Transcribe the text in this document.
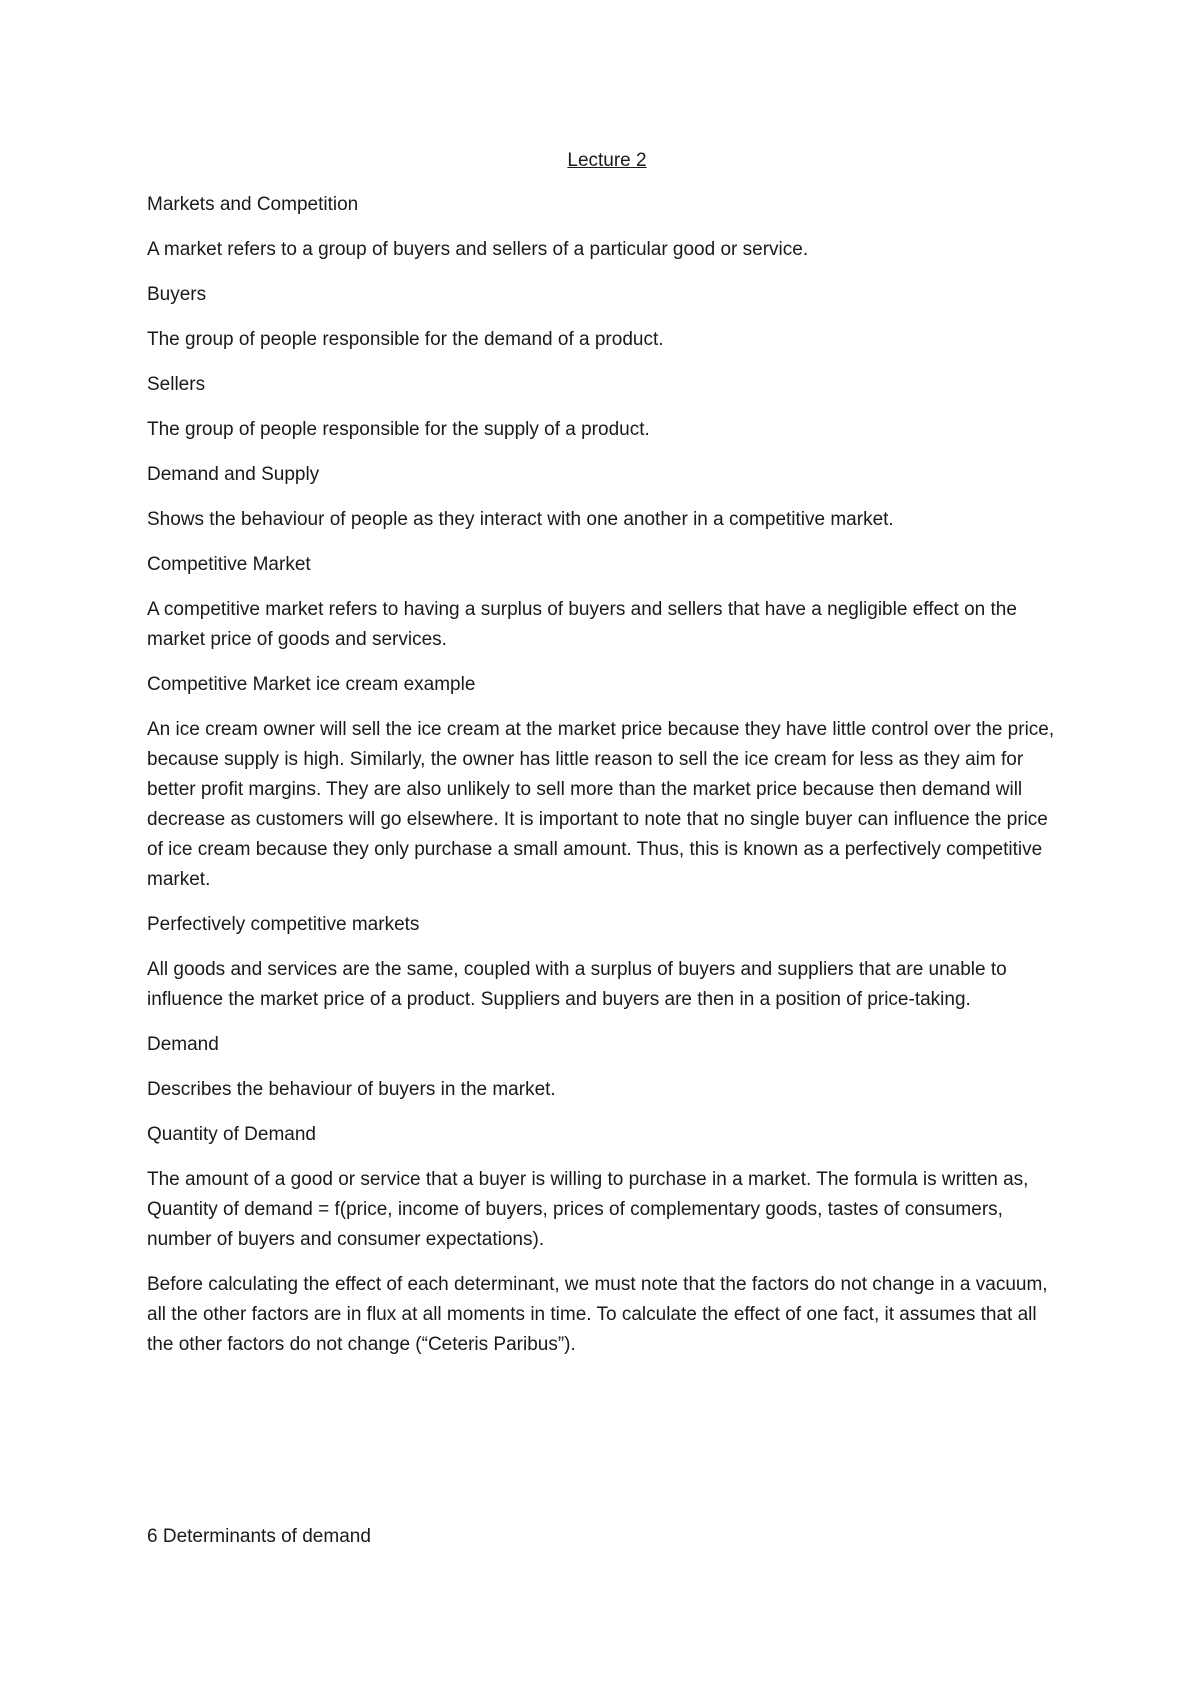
Lecture 2

Markets and Competition

A market refers to a group of buyers and sellers of a particular good or service.

Buyers

The group of people responsible for the demand of a product.

Sellers

The group of people responsible for the supply of a product.

Demand and Supply

Shows the behaviour of people as they interact with one another in a competitive market.

Competitive Market

A competitive market refers to having a surplus of buyers and sellers that have a negligible effect on the market price of goods and services.

Competitive Market ice cream example

An ice cream owner will sell the ice cream at the market price because they have little control over the price, because supply is high. Similarly, the owner has little reason to sell the ice cream for less as they aim for better profit margins. They are also unlikely to sell more than the market price because then demand will decrease as customers will go elsewhere. It is important to note that no single buyer can influence the price of ice cream because they only purchase a small amount. Thus, this is known as a perfectively competitive market.

Perfectively competitive markets

All goods and services are the same, coupled with a surplus of buyers and suppliers that are unable to influence the market price of a product. Suppliers and buyers are then in a position of price-taking.

Demand

Describes the behaviour of buyers in the market.

Quantity of Demand

The amount of a good or service that a buyer is willing to purchase in a market. The formula is written as, Quantity of demand = f(price, income of buyers, prices of complementary goods, tastes of consumers, number of buyers and consumer expectations).

Before calculating the effect of each determinant, we must note that the factors do not change in a vacuum, all the other factors are in flux at all moments in time. To calculate the effect of one fact, it assumes that all the other factors do not change (“Ceteris Paribus”).

6 Determinants of demand
